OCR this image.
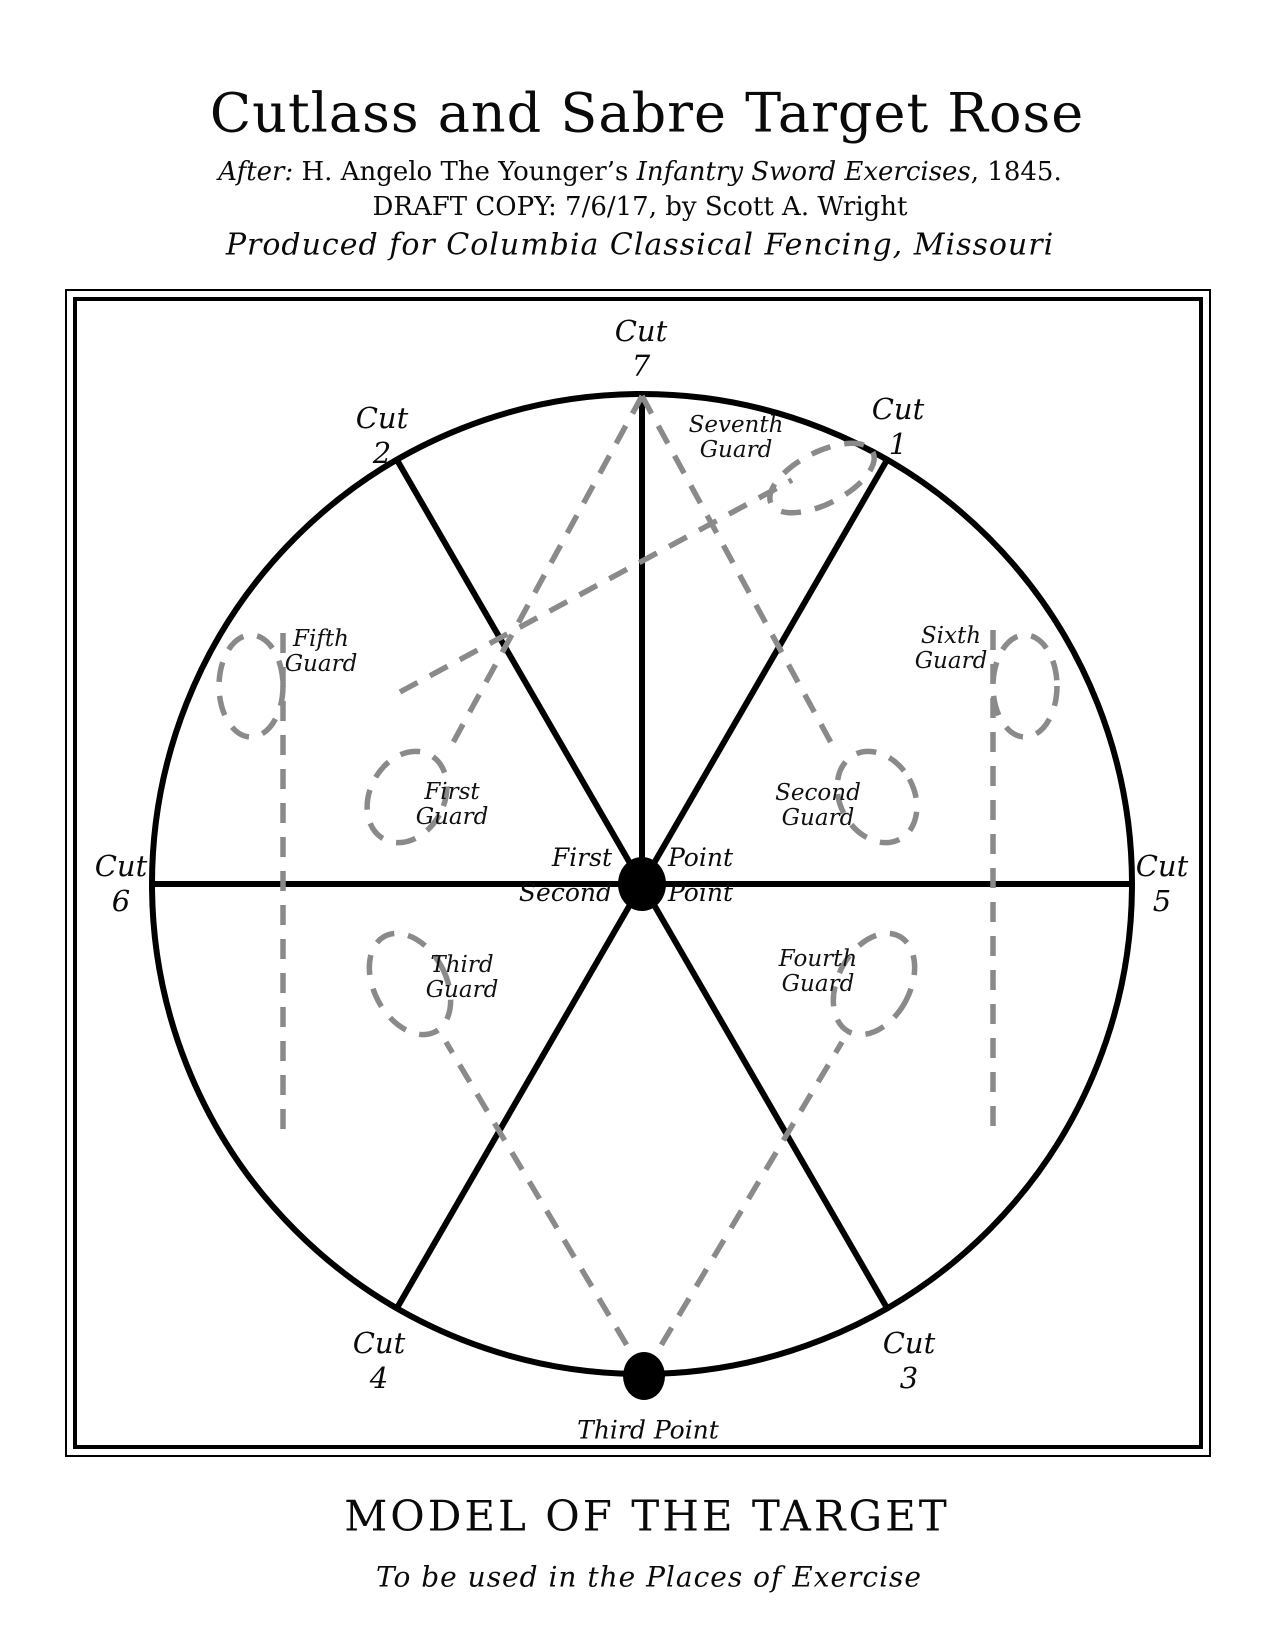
Cutlass and Sabre Target Rose
After: H. Angelo The Younger’s Infantry Sword Exercises, 1845.
DRAFT COPY: 7/6/17, by Scott A. Wright
Produced for Columbia Classical Fencing, Missouri
Cut
7
Cut
1
Cut
2
Cut
3
Cut
4
Cut
5
Cut
6
First
Guard
Second
Guard
Third
Guard
Fourth
Guard
Fifth
Guard
Sixth
Guard
Seventh
Guard
First
Second
Point
Point
Third Point
MODEL OF THE TARGET
To be used in the Places of Exercise
